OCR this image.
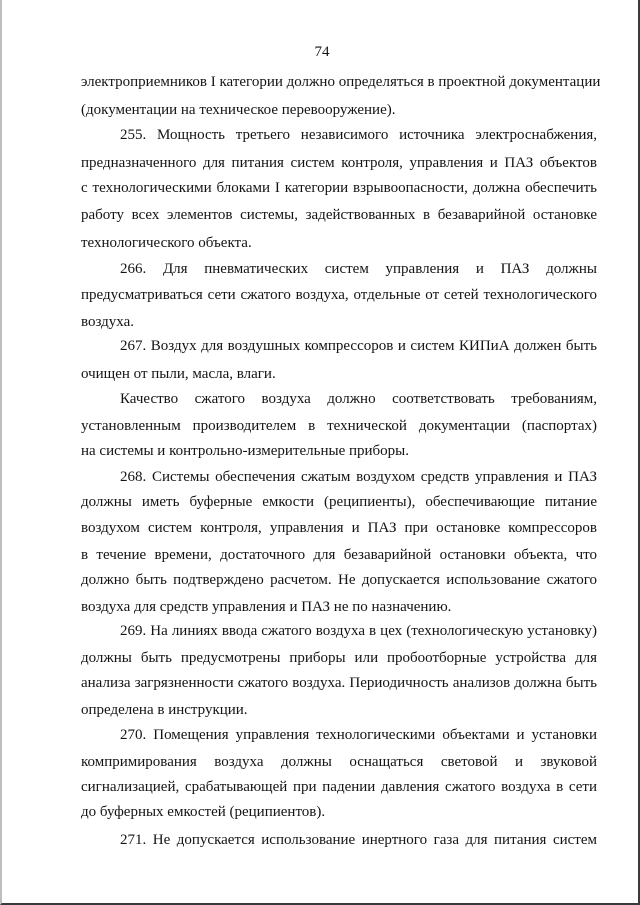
74
электроприемников I категории должно определяться в проектной документации
(документации на техническое перевооружение).
255. Мощность третьего независимого источника электроснабжения,
предназначенного для питания систем контроля, управления и ПАЗ объектов
с технологическими блоками I категории взрывоопасности, должна обеспечить
работу всех элементов системы, задействованных в безаварийной остановке
технологического объекта.
266. Для пневматических систем управления и ПАЗ должны
предусматриваться сети сжатого воздуха, отдельные от сетей технологического
воздуха.
267. Воздух для воздушных компрессоров и систем КИПиА должен быть
очищен от пыли, масла, влаги.
Качество сжатого воздуха должно соответствовать требованиям,
установленным производителем в технической документации (паспортах)
на системы и контрольно-измерительные приборы.
268. Системы обеспечения сжатым воздухом средств управления и ПАЗ
должны иметь буферные емкости (реципиенты), обеспечивающие питание
воздухом систем контроля, управления и ПАЗ при остановке компрессоров
в течение времени, достаточного для безаварийной остановки объекта, что
должно быть подтверждено расчетом. Не допускается использование сжатого
воздуха для средств управления и ПАЗ не по назначению.
269. На линиях ввода сжатого воздуха в цех (технологическую установку)
должны быть предусмотрены приборы или пробоотборные устройства для
анализа загрязненности сжатого воздуха. Периодичность анализов должна быть
определена в инструкции.
270. Помещения управления технологическими объектами и установки
компримирования воздуха должны оснащаться световой и звуковой
сигнализацией, срабатывающей при падении давления сжатого воздуха в сети
до буферных емкостей (реципиентов).
271. Не допускается использование инертного газа для питания систем
